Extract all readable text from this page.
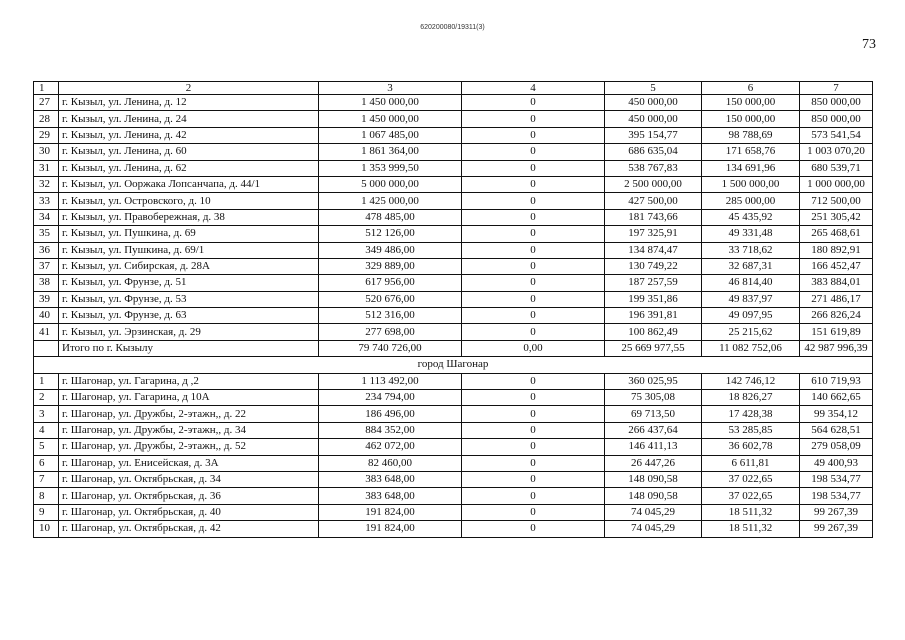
620200080/19311(3)
73
1	2	3	4	5	6	7
27	г. Кызыл, ул. Ленина, д. 12	1 450 000,00	0	450 000,00	150 000,00	850 000,00
28	г. Кызыл, ул. Ленина, д. 24	1 450 000,00	0	450 000,00	150 000,00	850 000,00
29	г. Кызыл, ул. Ленина, д. 42	1 067 485,00	0	395 154,77	98 788,69	573 541,54
30	г. Кызыл, ул. Ленина, д. 60	1 861 364,00	0	686 635,04	171 658,76	1 003 070,20
31	г. Кызыл, ул. Ленина, д. 62	1 353 999,50	0	538 767,83	134 691,96	680 539,71
32	г. Кызыл, ул. Ооржака Лопсанчапа, д. 44/1	5 000 000,00	0	2 500 000,00	1 500 000,00	1 000 000,00
33	г. Кызыл, ул. Островского, д. 10	1 425 000,00	0	427 500,00	285 000,00	712 500,00
34	г. Кызыл, ул. Правобережная, д. 38	478 485,00	0	181 743,66	45 435,92	251 305,42
35	г. Кызыл, ул. Пушкина, д. 69	512 126,00	0	197 325,91	49 331,48	265 468,61
36	г. Кызыл, ул. Пушкина, д. 69/1	349 486,00	0	134 874,47	33 718,62	180 892,91
37	г. Кызыл, ул. Сибирская, д. 28А	329 889,00	0	130 749,22	32 687,31	166 452,47
38	г. Кызыл, ул. Фрунзе, д. 51	617 956,00	0	187 257,59	46 814,40	383 884,01
39	г. Кызыл, ул. Фрунзе, д. 53	520 676,00	0	199 351,86	49 837,97	271 486,17
40	г. Кызыл, ул. Фрунзе, д. 63	512 316,00	0	196 391,81	49 097,95	266 826,24
41	г. Кызыл, ул. Эрзинская, д. 29	277 698,00	0	100 862,49	25 215,62	151 619,89
	Итого по г. Кызылу	79 740 726,00	0,00	25 669 977,55	11 082 752,06	42 987 996,39
город Шагонар						
1	г. Шагонар, ул. Гагарина, д ,2	1 113 492,00	0	360 025,95	142 746,12	610 719,93
2	г. Шагонар, ул. Гагарина, д 10А	234 794,00	0	75 305,08	18 826,27	140 662,65
3	г. Шагонар, ул. Дружбы, 2-этажн,, д. 22	186 496,00	0	69 713,50	17 428,38	99 354,12
4	г. Шагонар, ул. Дружбы, 2-этажн,, д. 34	884 352,00	0	266 437,64	53 285,85	564 628,51
5	г. Шагонар, ул. Дружбы, 2-этажн,, д. 52	462 072,00	0	146 411,13	36 602,78	279 058,09
6	г. Шагонар, ул. Енисейская, д. 3А	82 460,00	0	26 447,26	6 611,81	49 400,93
7	г. Шагонар, ул. Октябрьская, д. 34	383 648,00	0	148 090,58	37 022,65	198 534,77
8	г. Шагонар, ул. Октябрьская, д. 36	383 648,00	0	148 090,58	37 022,65	198 534,77
9	г. Шагонар, ул. Октябрьская, д. 40	191 824,00	0	74 045,29	18 511,32	99 267,39
10	г. Шагонар, ул. Октябрьская, д. 42	191 824,00	0	74 045,29	18 511,32	99 267,39
